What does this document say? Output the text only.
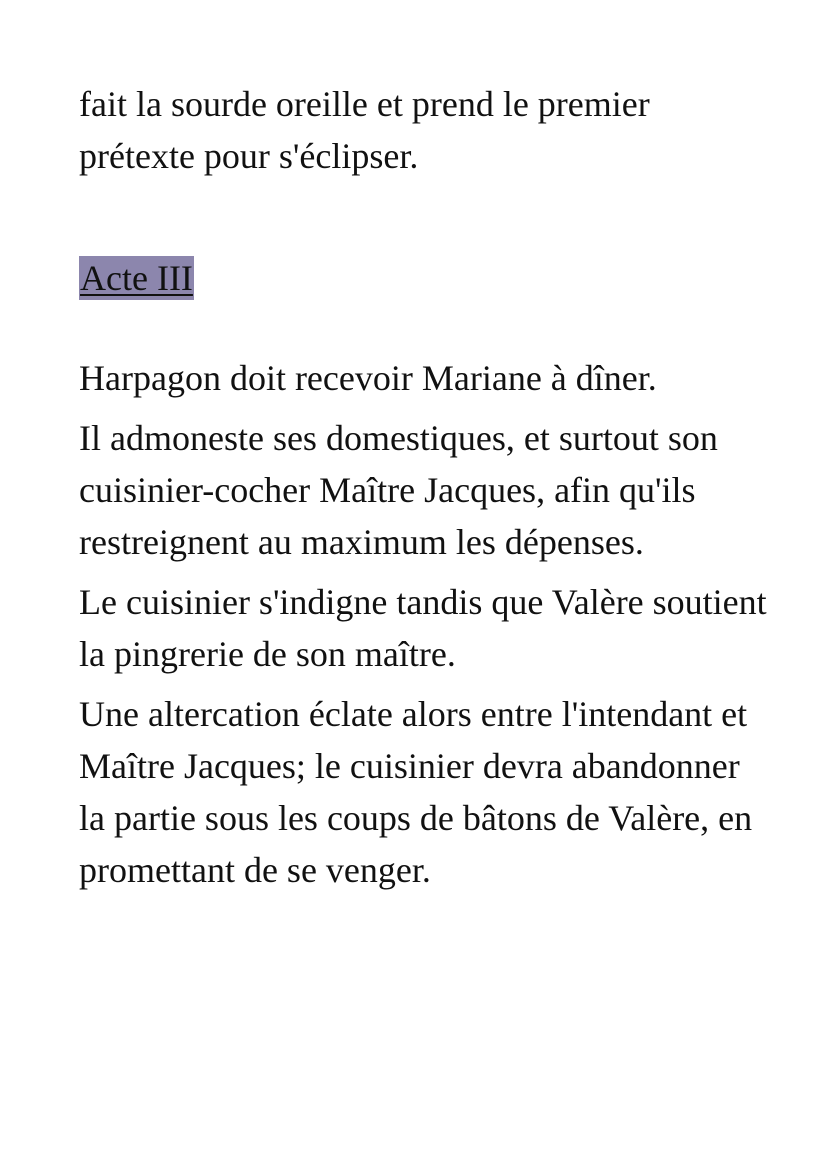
fait la sourde oreille et prend le premier prétexte pour s'éclipser.

Acte III

Harpagon doit recevoir Mariane à dîner.

Il admoneste ses domestiques, et surtout son cuisinier-cocher Maître Jacques, afin qu'ils restreignent au maximum les dépenses.

Le cuisinier s'indigne tandis que Valère soutient la pingrerie de son maître.

Une altercation éclate alors entre l'intendant et Maître Jacques; le cuisinier devra abandonner la partie sous les coups de bâtons de Valère, en promettant de se venger.
